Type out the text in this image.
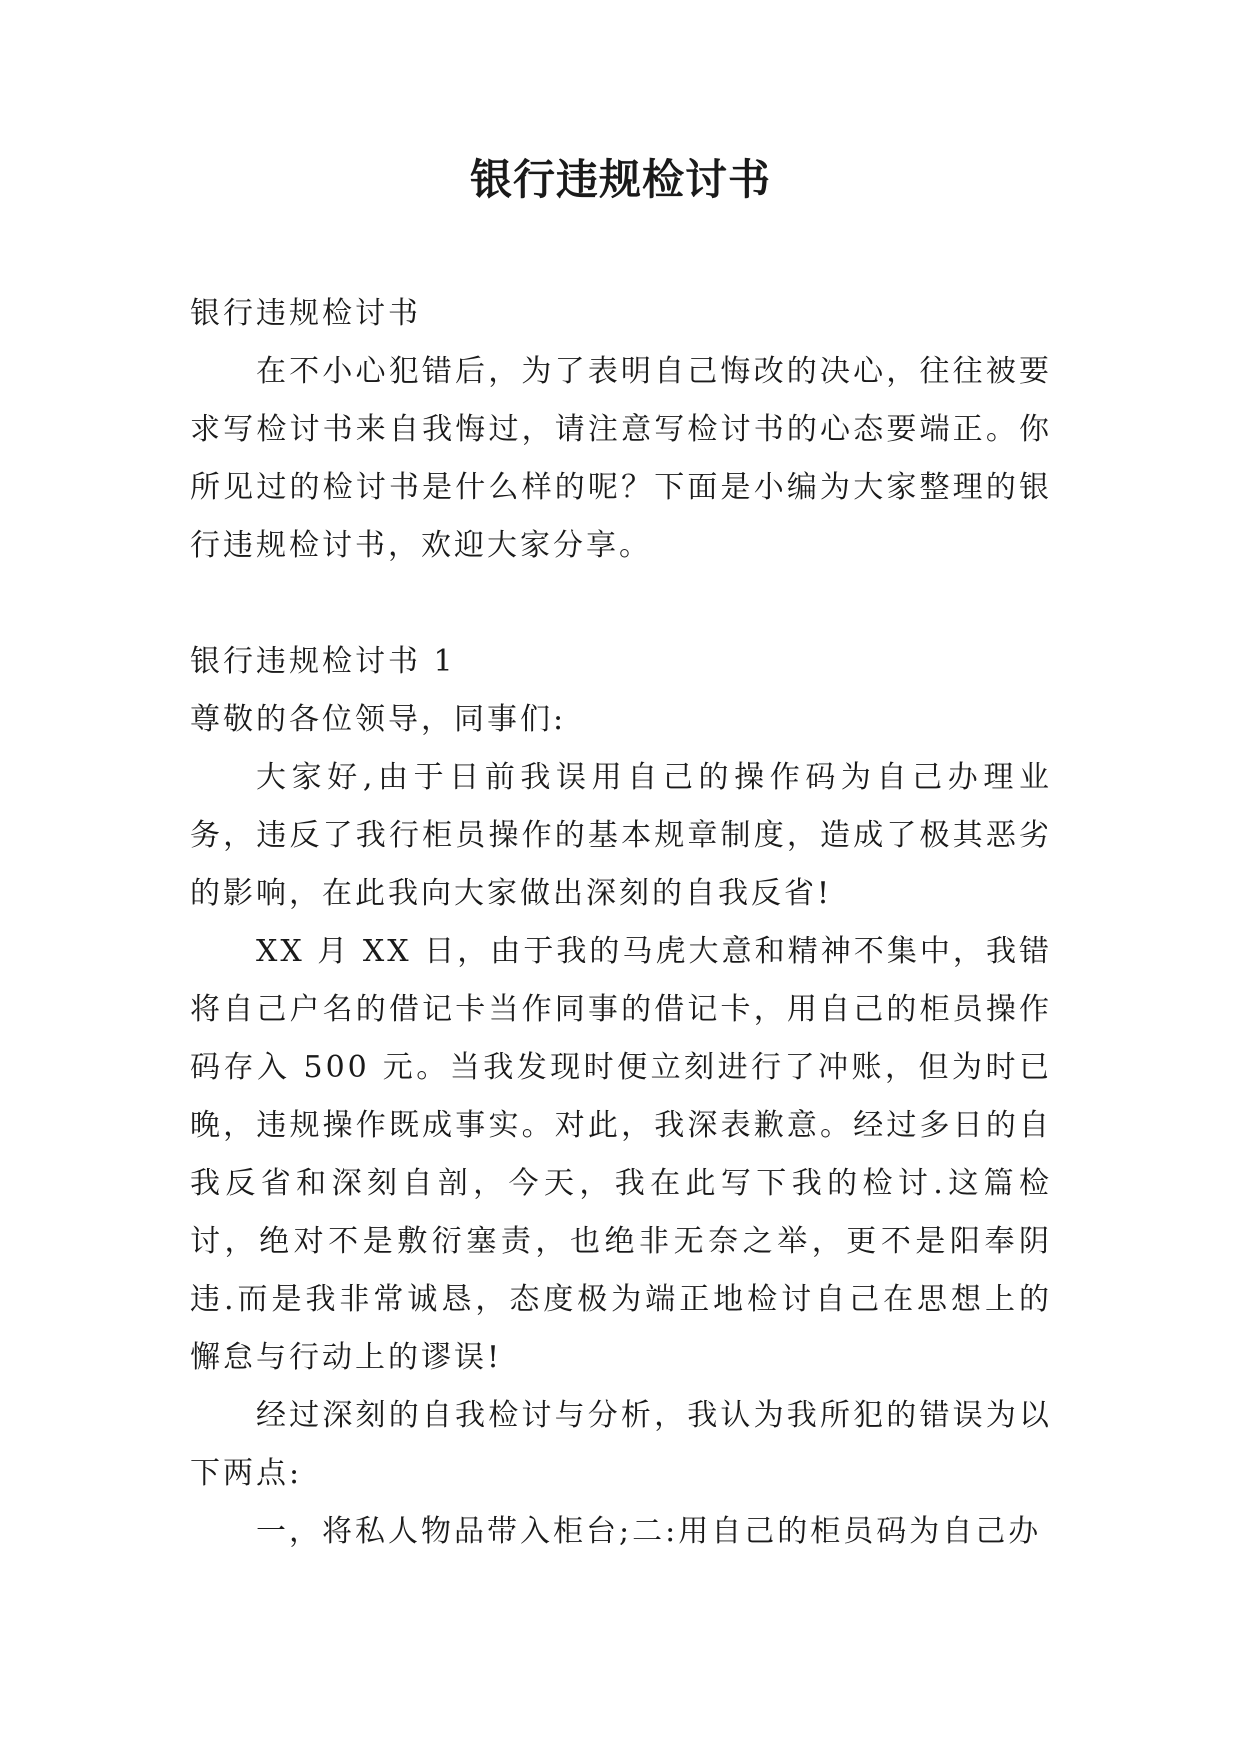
银行违规检讨书

银行违规检讨书

在不小心犯错后，为了表明自己悔改的决心，往往被要求写检讨书来自我悔过，请注意写检讨书的心态要端正。你所见过的检讨书是什么样的呢？下面是小编为大家整理的银行违规检讨书，欢迎大家分享。

银行违规检讨书 1

尊敬的各位领导，同事们:

大家好,由于日前我误用自己的操作码为自己办理业务，违反了我行柜员操作的基本规章制度，造成了极其恶劣的影响，在此我向大家做出深刻的自我反省!

XX 月 XX 日，由于我的马虎大意和精神不集中，我错将自己户名的借记卡当作同事的借记卡，用自己的柜员操作码存入 500 元。当我发现时便立刻进行了冲账，但为时已晚，违规操作既成事实。对此，我深表歉意。经过多日的自我反省和深刻自剖，今天，我在此写下我的检讨.这篇检讨，绝对不是敷衍塞责，也绝非无奈之举，更不是阳奉阴违.而是我非常诚恳，态度极为端正地检讨自己在思想上的懈怠与行动上的谬误!

经过深刻的自我检讨与分析，我认为我所犯的错误为以下两点:

一，将私人物品带入柜台;二:用自己的柜员码为自己办
